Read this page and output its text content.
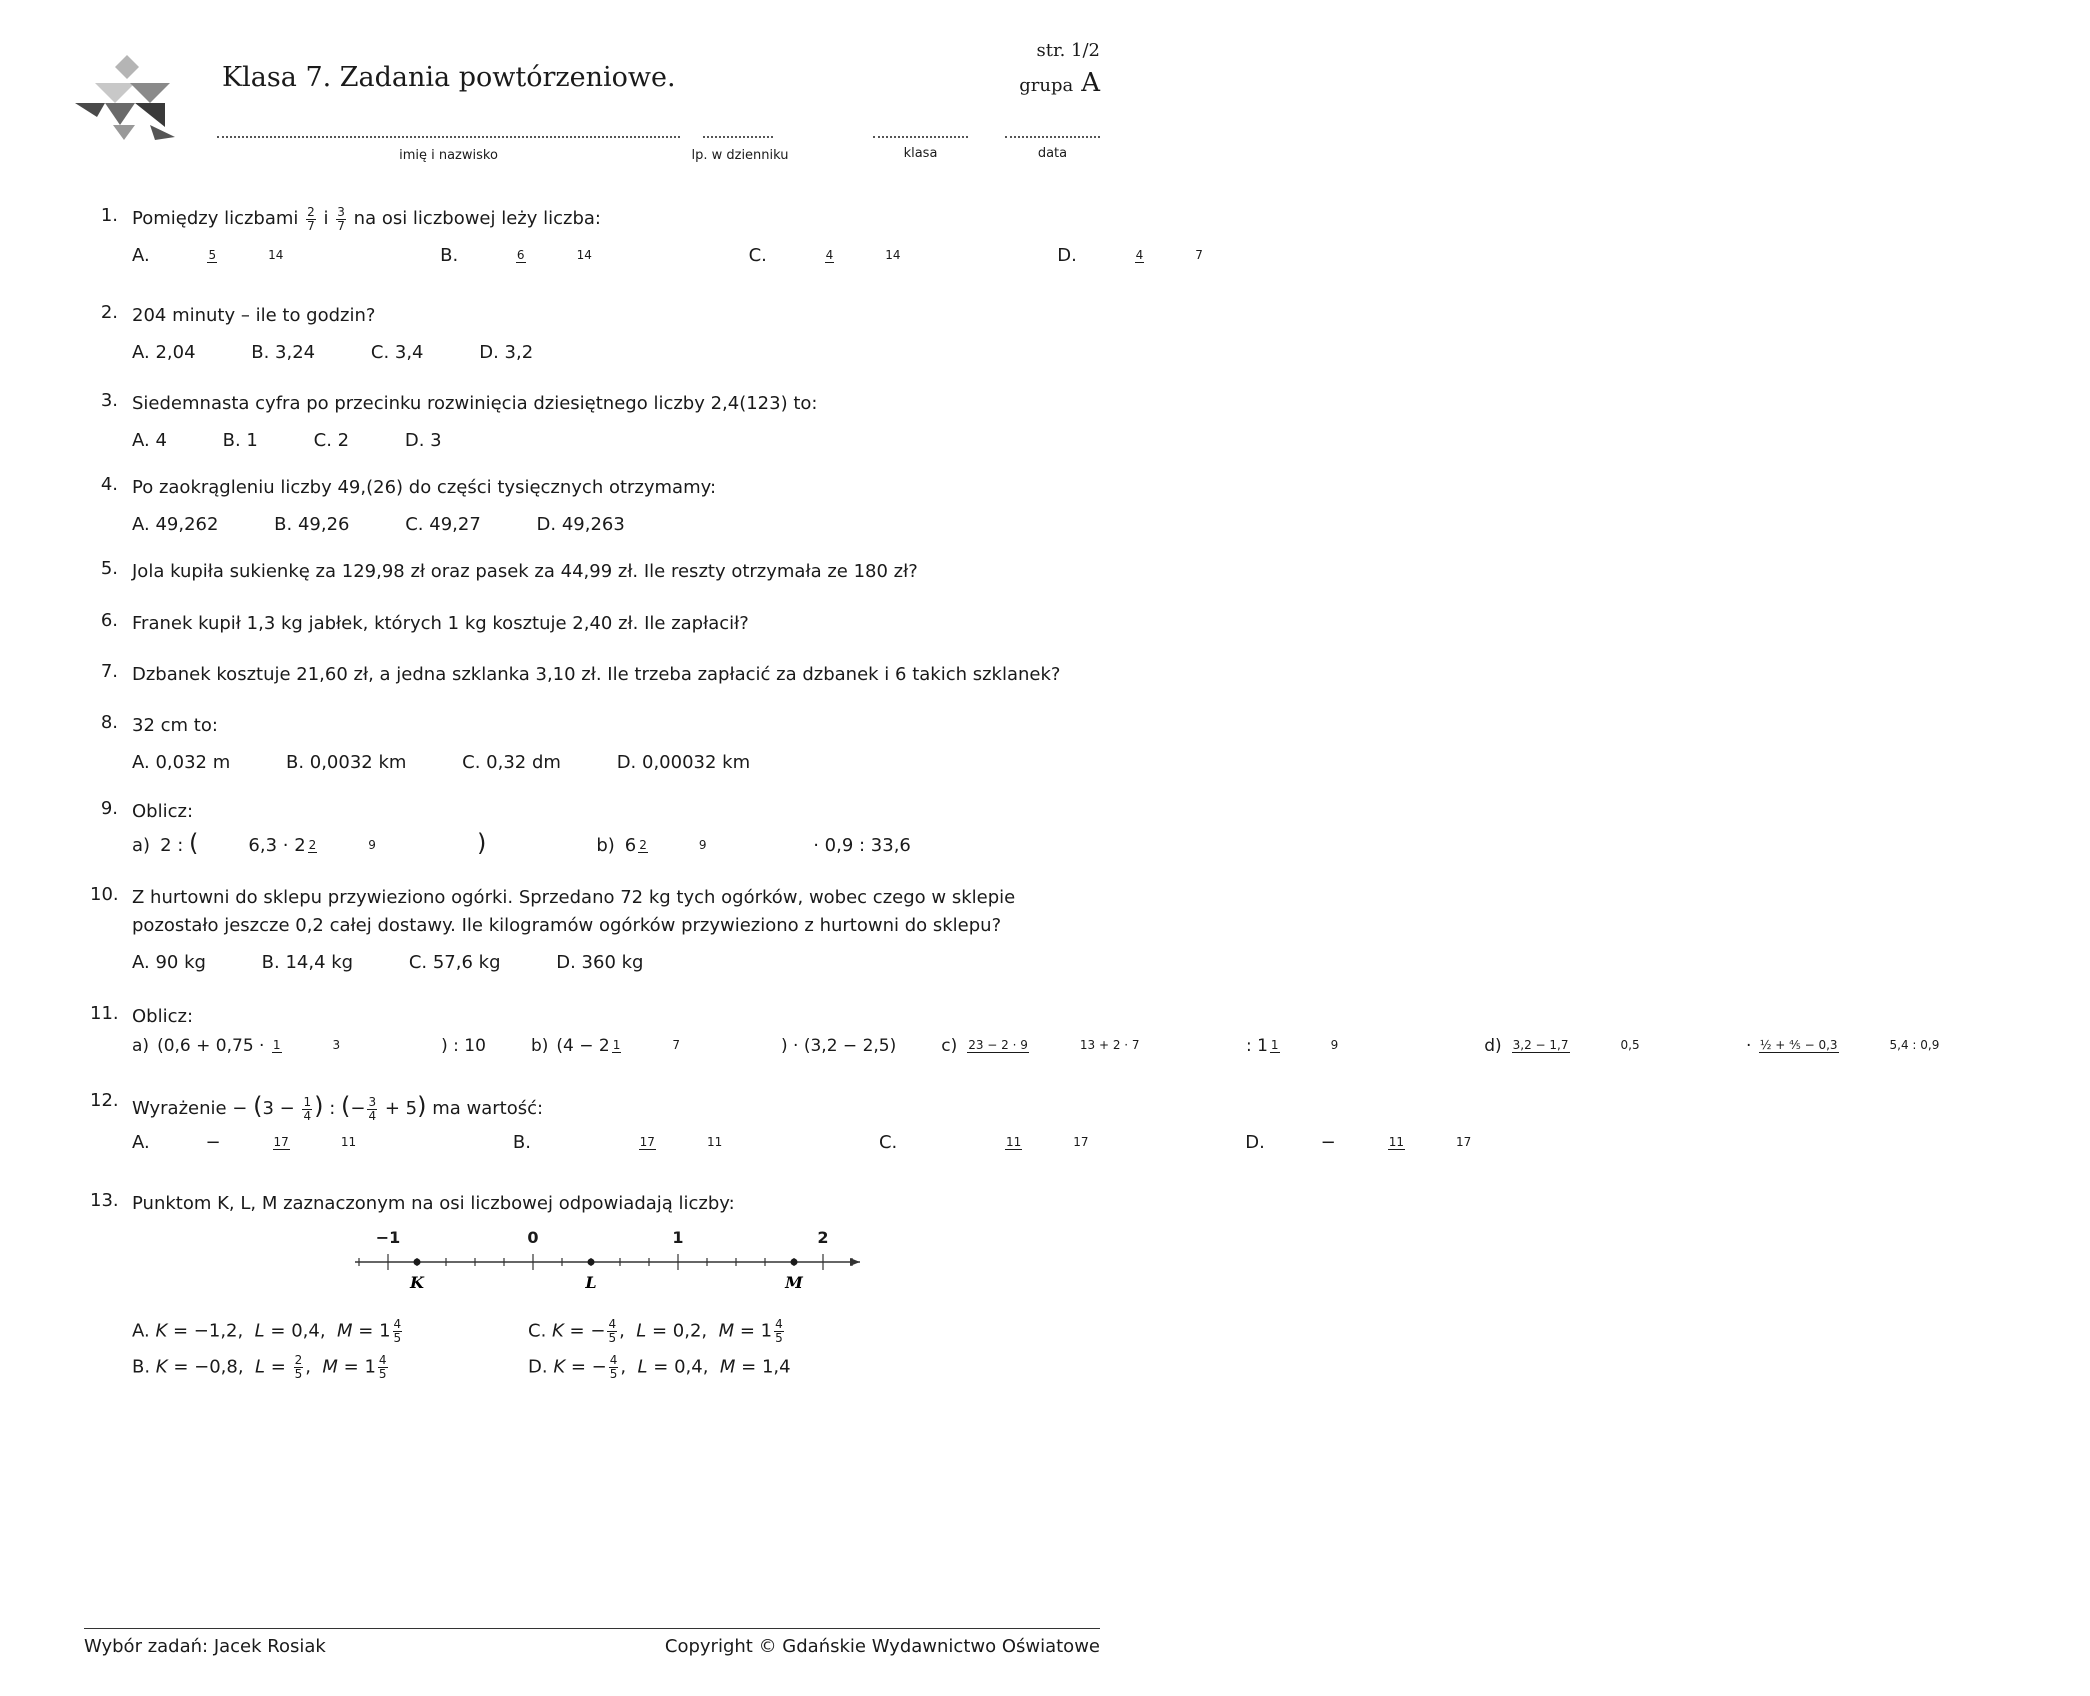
Klasa 7. Zadania powtórzeniowe.
str. 1/2
grupa A
imię i nazwisko	lp. w dzienniku	klasa	data
1. Pomiędzy liczbami $\frac{2}{7}$ i $\frac{3}{7}$ na osi liczbowej leży liczba:
A.	5	14	B.	6	14	C.	4	14	D.	4	7
2. 204 minuty – ile to godzin?
A. 2,04	B. 3,24	C. 3,4	D. 3,2
3. Siedemnasta cyfra po przecinku rozwinięcia dziesiętnego liczby 2,4(123) to:
A. 4	B. 1	C. 2	D. 3
4. Po zaokrągleniu liczby 49,(26) do części tysięcznych otrzymamy:
A. 49,262	B. 49,26	C. 49,27	D. 49,263
5. Jola kupiła sukienkę za 129,98 zł oraz pasek za 44,99 zł. Ile reszty otrzymała ze 180 zł?
6. Franek kupił 1,3 kg jabłek, których 1 kg kosztuje 2,40 zł. Ile zapłacił?
7. Dzbanek kosztuje 21,60 zł, a jedna szklanka 3,10 zł. Ile trzeba zapłacić za dzbanek i 6 takich szklanek?
8. 32 cm to:
A. 0,032 m	B. 0,0032 km	C. 0,32 dm	D. 0,00032 km
9. Oblicz:
a) 2 : (	6,3 · 2 2	9	)	b) 6 2	9	· 0,9 : 33,6
10. Z hurtowni do sklepu przywieziono ogórki. Sprzedano 72 kg tych ogórków, wobec czego w sklepie pozostało jeszcze 0,2 całej dostawy. Ile kilogramów ogórków przywieziono z hurtowni do sklepu?
A. 90 kg	B. 14,4 kg	C. 57,6 kg	D. 360 kg
11. Oblicz:
a) (0,6 + 0,75 · 1	3	) : 10	b) (4 − 2 1	7	) · (3,2 − 2,5)	c) 23 − 2 · 9	13 + 2 · 7	: 1 1	9	d) 3,2 − 1,7	0,5	· ½ + ⅘ − 0,3	5,4 : 0,9
12. Wyrażenie − ($3 - \frac{1}{4}$ ) : (− $\frac{3}{4} + 5$) ma wartość:
A.	−	17	11	B.	17	11	C.	11	17	D.	−	11	17
13. Punktom K, L, M zaznaczonym na osi liczbowej odpowiadają liczby:
−1	0	1	2
K	L	M
A. K = −1,2,  L = 0,4,  $M = 1 \frac{4}{5}$
B. K = −0,8,  $L = \frac{2}{5}$ ,  $M = 1 \frac{4}{5}$
C. K = − $\frac{4}{5}$ ,  L = 0,2,  $M = 1 \frac{4}{5}$
D. K = − $\frac{4}{5}$ ,  L = 0,4,  M = 1,4
Wybór zadań: Jacek Rosiak	Copyright © Gdańskie Wydawnictwo Oświatowe
